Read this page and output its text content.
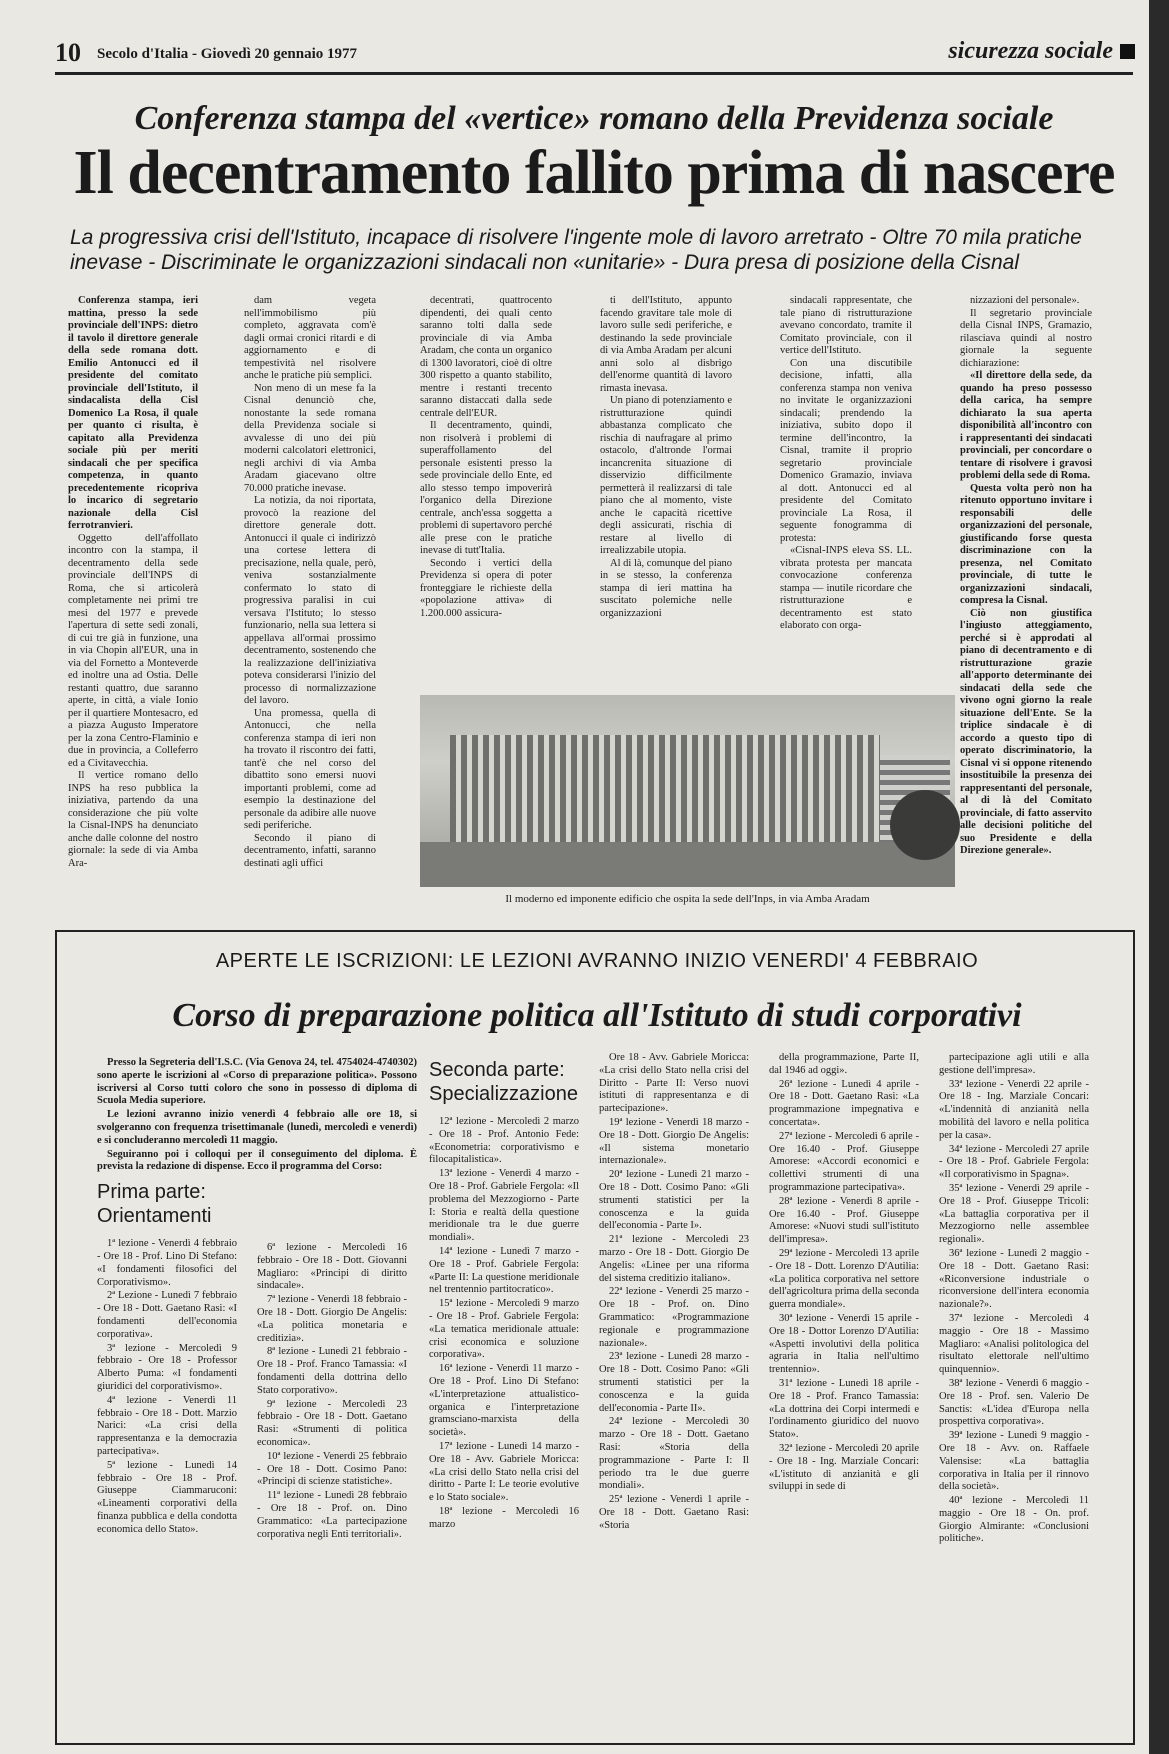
10 Secolo d'Italia - Giovedì 20 gennaio 1977	sicurezza sociale
Conferenza stampa del «vertice» romano della Previdenza sociale
Il decentramento fallito prima di nascere
La progressiva crisi dell'Istituto, incapace di risolvere l'ingente mole di lavoro arretrato - Oltre 70 mila pratiche inevase - Discriminate le organizzazioni sindacali non «unitarie» - Dura presa di posizione della Cisnal

Conferenza stampa, ieri mattina, presso la sede provinciale dell'INPS: dietro il tavolo il direttore generale della sede romana dott. Emilio Antonucci ed il presidente del comitato provinciale dell'Istituto, il sindacalista della Cisl Domenico La Rosa, il quale per quanto ci risulta, è capitato alla Previdenza sociale più per meriti sindacali che per specifica competenza, in quanto precedentemente ricopriva lo incarico di segretario nazionale della Cisl ferrotranvieri.

Oggetto dell'affollato incontro con la stampa, il decentramento della sede provinciale dell'INPS di Roma, che si articolerà completamente nei primi tre mesi del 1977 e prevede l'apertura di sette sedi zonali, di cui tre già in funzione, una in via Chopin all'EUR, una in via del Fornetto a Monteverde ed inoltre una ad Ostia. Delle restanti quattro, due saranno aperte, in città, a viale Ionio per il quartiere Montesacro, ed a piazza Augusto Imperatore per la zona Centro-Flaminio e due in provincia, a Colleferro ed a Civitavecchia.

Il vertice romano dello INPS ha reso pubblica la iniziativa, partendo da una considerazione che più volte la Cisnal-INPS ha denunciato anche dalle colonne del nostro giornale: la sede di via Amba Ara-

dam vegeta nell'immobilismo più completo, aggravata com'è dagli ormai cronici ritardi e di aggiornamento e di tempestività nel risolvere anche le pratiche più semplici.

Non meno di un mese fa la Cisnal denunciò che, nonostante la sede romana della Previdenza sociale si avvalesse di uno dei più moderni calcolatori elettronici, negli archivi di via Amba Aradam giacevano oltre 70.000 pratiche inevase.

La notizia, da noi riportata, provocò la reazione del direttore generale dott. Antonucci il quale ci indirizzò una cortese lettera di precisazione, nella quale, però, veniva sostanzialmente confermato lo stato di progressiva paralisi in cui versava l'Istituto; lo stesso funzionario, nella sua lettera si appellava all'ormai prossimo decentramento, sostenendo che la realizzazione dell'iniziativa poteva considerarsi l'inizio del processo di normalizzazione del lavoro.

Una promessa, quella di Antonucci, che nella conferenza stampa di ieri non ha trovato il riscontro dei fatti, tant'è che nel corso del dibattito sono emersi nuovi importanti problemi, come ad esempio la destinazione del personale da adibire alle nuove sedi periferiche.

Secondo il piano di decentramento, infatti, saranno destinati agli uffici

decentrati, quattrocento dipendenti, dei quali cento saranno tolti dalla sede provinciale di via Amba Aradam, che conta un organico di 1300 lavoratori, cioè di oltre 300 rispetto a quanto stabilito, mentre i restanti trecento saranno distaccati dalla sede centrale dell'EUR.

Il decentramento, quindi, non risolverà i problemi di superaffollamento del personale esistenti presso la sede provinciale dello Ente, ed allo stesso tempo impoverirà l'organico della Direzione centrale, anch'essa soggetta a problemi di supertavoro perché alle prese con le pratiche inevase di tutt'Italia.

Secondo i vertici della Previdenza si opera di poter fronteggiare le richieste della «popolazione attiva» di 1.200.000 assicura-

ti dell'Istituto, appunto facendo gravitare tale mole di lavoro sulle sedi periferiche, e destinando la sede provinciale di via Amba Aradam per alcuni anni solo al disbrigo dell'enorme quantità di lavoro rimasta inevasa.

Un piano di potenziamento e ristrutturazione quindi abbastanza complicato che rischia di naufragare al primo ostacolo, d'altronde l'ormai incancrenita situazione di disservizio difficilmente permetterà il realizzarsi di tale piano che al momento, viste anche le capacità ricettive degli assicurati, rischia di restare al livello di irrealizzabile utopia.

Al di là, comunque del piano in se stesso, la conferenza stampa di ieri mattina ha suscitato polemiche nelle organizzazioni

sindacali rappresentate, che tale piano di ristrutturazione avevano concordato, tramite il Comitato provinciale, con il vertice dell'Istituto.

Con una discutibile decisione, infatti, alla conferenza stampa non veniva no invitate le organizzazioni sindacali; prendendo la iniziativa, subito dopo il termine dell'incontro, la Cisnal, tramite il proprio segretario provinciale Domenico Gramazio, inviava al dott. Antonucci ed al presidente del Comitato provinciale La Rosa, il seguente fonogramma di protesta:

«Cisnal-INPS eleva SS. LL. vibrata protesta per mancata convocazione conferenza stampa — inutile ricordare che ristrutturazione e decentramento est stato elaborato con orga-

nizzazioni del personale».

Il segretario provinciale della Cisnal INPS, Gramazio, rilasciava quindi al nostro giornale la seguente dichiarazione:

«Il direttore della sede, da quando ha preso possesso della carica, ha sempre dichiarato la sua aperta disponibilità all'incontro con i rappresentanti dei sindacati provinciali, per concordare o tentare di risolvere i gravosi problemi della sede di Roma.

Questa volta però non ha ritenuto opportuno invitare i responsabili delle organizzazioni del personale, giustificando forse questa discriminazione con la presenza, nel Comitato provinciale, di tutte le organizzazioni sindacali, compresa la Cisnal.

Ciò non giustifica l'ingiusto atteggiamento, perché si è approdati al piano di decentramento e di ristrutturazione grazie all'apporto determinante dei sindacati della sede che vivono ogni giorno la reale situazione dell'Ente. Se la triplice sindacale è di accordo a questo tipo di operato discriminatorio, la Cisnal vi si oppone ritenendo insostituibile la presenza dei rappresentanti del personale, al di là del Comitato provinciale, di fatto asservito alle decisioni politiche del suo Presidente e della Direzione generale».

Il moderno ed imponente edificio che ospita la sede dell'Inps, in via Amba Aradam
APERTE LE ISCRIZIONI: LE LEZIONI AVRANNO INIZIO VENERDI' 4 FEBBRAIO
Corso di preparazione politica all'Istituto di studi corporativi

Presso la Segreteria dell'I.S.C. (Via Genova 24, tel. 4754024-4740302) sono aperte le iscrizioni al «Corso di preparazione politica». Possono iscriversi al Corso tutti coloro che sono in possesso di diploma di Scuola Media superiore.

Le lezioni avranno inizio venerdì 4 febbraio alle ore 18, si svolgeranno con frequenza trisettimanale (lunedì, mercoledì e venerdì) e si concluderanno mercoledì 11 maggio.

Seguiranno poi i colloqui per il conseguimento del diploma. È prevista la redazione di dispense. Ecco il programma del Corso:

Prima parte: Orientamenti

1ª lezione - Venerdì 4 febbraio - Ore 18 - Prof. Lino Di Stefano: «I fondamenti filosofici del Corporativismo».

2ª Lezione - Lunedì 7 febbraio - Ore 18 - Dott. Gaetano Rasi: «I fondamenti dell'economia corporativa».

3ª lezione - Mercoledì 9 febbraio - Ore 18 - Professor Alberto Puma: «I fondamenti giuridici del corporativismo».

4ª lezione - Venerdì 11 febbraio - Ore 18 - Dott. Marzio Narici: «La crisi della rappresentanza e la democrazia partecipativa».

5ª lezione - Lunedì 14 febbraio - Ore 18 - Prof. Giuseppe Ciammaruconi: «Lineamenti corporativi della finanza pubblica e della condotta economica dello Stato».

6ª lezione - Mercoledì 16 febbraio - Ore 18 - Dott. Giovanni Magliaro: «Principi di diritto sindacale».

7ª lezione - Venerdì 18 febbraio - Ore 18 - Dott. Giorgio De Angelis: «La politica monetaria e creditizia».

8ª lezione - Lunedì 21 febbraio - Ore 18 - Prof. Franco Tamassia: «I fondamenti della dottrina dello Stato corporativo».

9ª lezione - Mercoledì 23 febbraio - Ore 18 - Dott. Gaetano Rasi: «Strumenti di politica economica».

10ª lezione - Venerdì 25 febbraio - Ore 18 - Dott. Cosimo Pano: «Principi di scienze statistiche».

11ª lezione - Lunedì 28 febbraio - Ore 18 - Prof. on. Dino Grammatico: «La partecipazione corporativa negli Enti territoriali».

Seconda parte: Specializzazione

12ª lezione - Mercoledì 2 marzo - Ore 18 - Prof. Antonio Fede: «Econometria: corporativismo e filocapitalistica».

13ª lezione - Venerdì 4 marzo - Ore 18 - Prof. Gabriele Fergola: «Il problema del Mezzogiorno - Parte I: Storia e realtà della questione meridionale tra le due guerre mondiali».

14ª lezione - Lunedì 7 marzo - Ore 18 - Prof. Gabriele Fergola: «Parte II: La questione meridionale nel trentennio partitocratico».

15ª lezione - Mercoledì 9 marzo - Ore 18 - Prof. Gabriele Fergola: «La tematica meridionale attuale: crisi economica e soluzione corporativa».

16ª lezione - Venerdì 11 marzo - Ore 18 - Prof. Lino Di Stefano: «L'interpretazione attualistico-organica e l'interpretazione gramsciano-marxista della società».

17ª lezione - Lunedì 14 marzo - Ore 18 - Avv. Gabriele Moricca: «La crisi dello Stato nella crisi del diritto - Parte I: Le teorie evolutive e lo Stato sociale».

18ª lezione - Mercoledì 16 marzo

Ore 18 - Avv. Gabriele Moricca: «La crisi dello Stato nella crisi del Diritto - Parte II: Verso nuovi istituti di rappresentanza e di partecipazione».

19ª lezione - Venerdì 18 marzo - Ore 18 - Dott. Giorgio De Angelis: «Il sistema monetario internazionale».

20ª lezione - Lunedì 21 marzo - Ore 18 - Dott. Cosimo Pano: «Gli strumenti statistici per la conoscenza e la guida dell'economia - Parte I».

21ª lezione - Mercoledì 23 marzo - Ore 18 - Dott. Giorgio De Angelis: «Linee per una riforma del sistema creditizio italiano».

22ª lezione - Venerdì 25 marzo - Ore 18 - Prof. on. Dino Grammatico: «Programmazione regionale e programmazione nazionale».

23ª lezione - Lunedì 28 marzo - Ore 18 - Dott. Cosimo Pano: «Gli strumenti statistici per la conoscenza e la guida dell'economia - Parte II».

24ª lezione - Mercoledì 30 marzo - Ore 18 - Dott. Gaetano Rasi: «Storia della programmazione - Parte I: Il periodo tra le due guerre mondiali».

25ª lezione - Venerdì 1 aprile - Ore 18 - Dott. Gaetano Rasi: «Storia

della programmazione, Parte II, dal 1946 ad oggi».

26ª lezione - Lunedì 4 aprile - Ore 18 - Dott. Gaetano Rasi: «La programmazione impegnativa e concertata».

27ª lezione - Mercoledì 6 aprile - Ore 16.40 - Prof. Giuseppe Amorese: «Accordi economici e collettivi strumenti di una programmazione partecipativa».

28ª lezione - Venerdì 8 aprile - Ore 16.40 - Prof. Giuseppe Amorese: «Nuovi studi sull'istituto dell'impresa».

29ª lezione - Mercoledì 13 aprile - Ore 18 - Dott. Lorenzo D'Autilia: «La politica corporativa nel settore dell'agricoltura prima della seconda guerra mondiale».

30ª lezione - Venerdì 15 aprile - Ore 18 - Dottor Lorenzo D'Autilia: «Aspetti involutivi della politica agraria in Italia nell'ultimo trentennio».

31ª lezione - Lunedì 18 aprile - Ore 18 - Prof. Franco Tamassia: «La dottrina dei Corpi intermedi e l'ordinamento giuridico del nuovo Stato».

32ª lezione - Mercoledì 20 aprile - Ore 18 - Ing. Marziale Concari: «L'istituto di anzianità e gli sviluppi in sede di

partecipazione agli utili e alla gestione dell'impresa».

33ª lezione - Venerdì 22 aprile - Ore 18 - Ing. Marziale Concari: «L'indennità di anzianità nella mobilità del lavoro e nella politica per la casa».

34ª lezione - Mercoledì 27 aprile - Ore 18 - Prof. Gabriele Fergola: «Il corporativismo in Spagna».

35ª lezione - Venerdì 29 aprile - Ore 18 - Prof. Giuseppe Tricoli: «La battaglia corporativa per il Mezzogiorno nelle assemblee regionali».

36ª lezione - Lunedì 2 maggio - Ore 18 - Dott. Gaetano Rasi: «Riconversione industriale o riconversione dell'intera economia nazionale?».

37ª lezione - Mercoledì 4 maggio - Ore 18 - Massimo Magliaro: «Analisi politologica del risultato elettorale nell'ultimo quinquennio».

38ª lezione - Venerdì 6 maggio - Ore 18 - Prof. sen. Valerio De Sanctis: «L'idea d'Europa nella prospettiva corporativa».

39ª lezione - Lunedì 9 maggio - Ore 18 - Avv. on. Raffaele Valensise: «La battaglia corporativa in Italia per il rinnovo della società».

40ª lezione - Mercoledì 11 maggio - Ore 18 - On. prof. Giorgio Almirante: «Conclusioni politiche».
